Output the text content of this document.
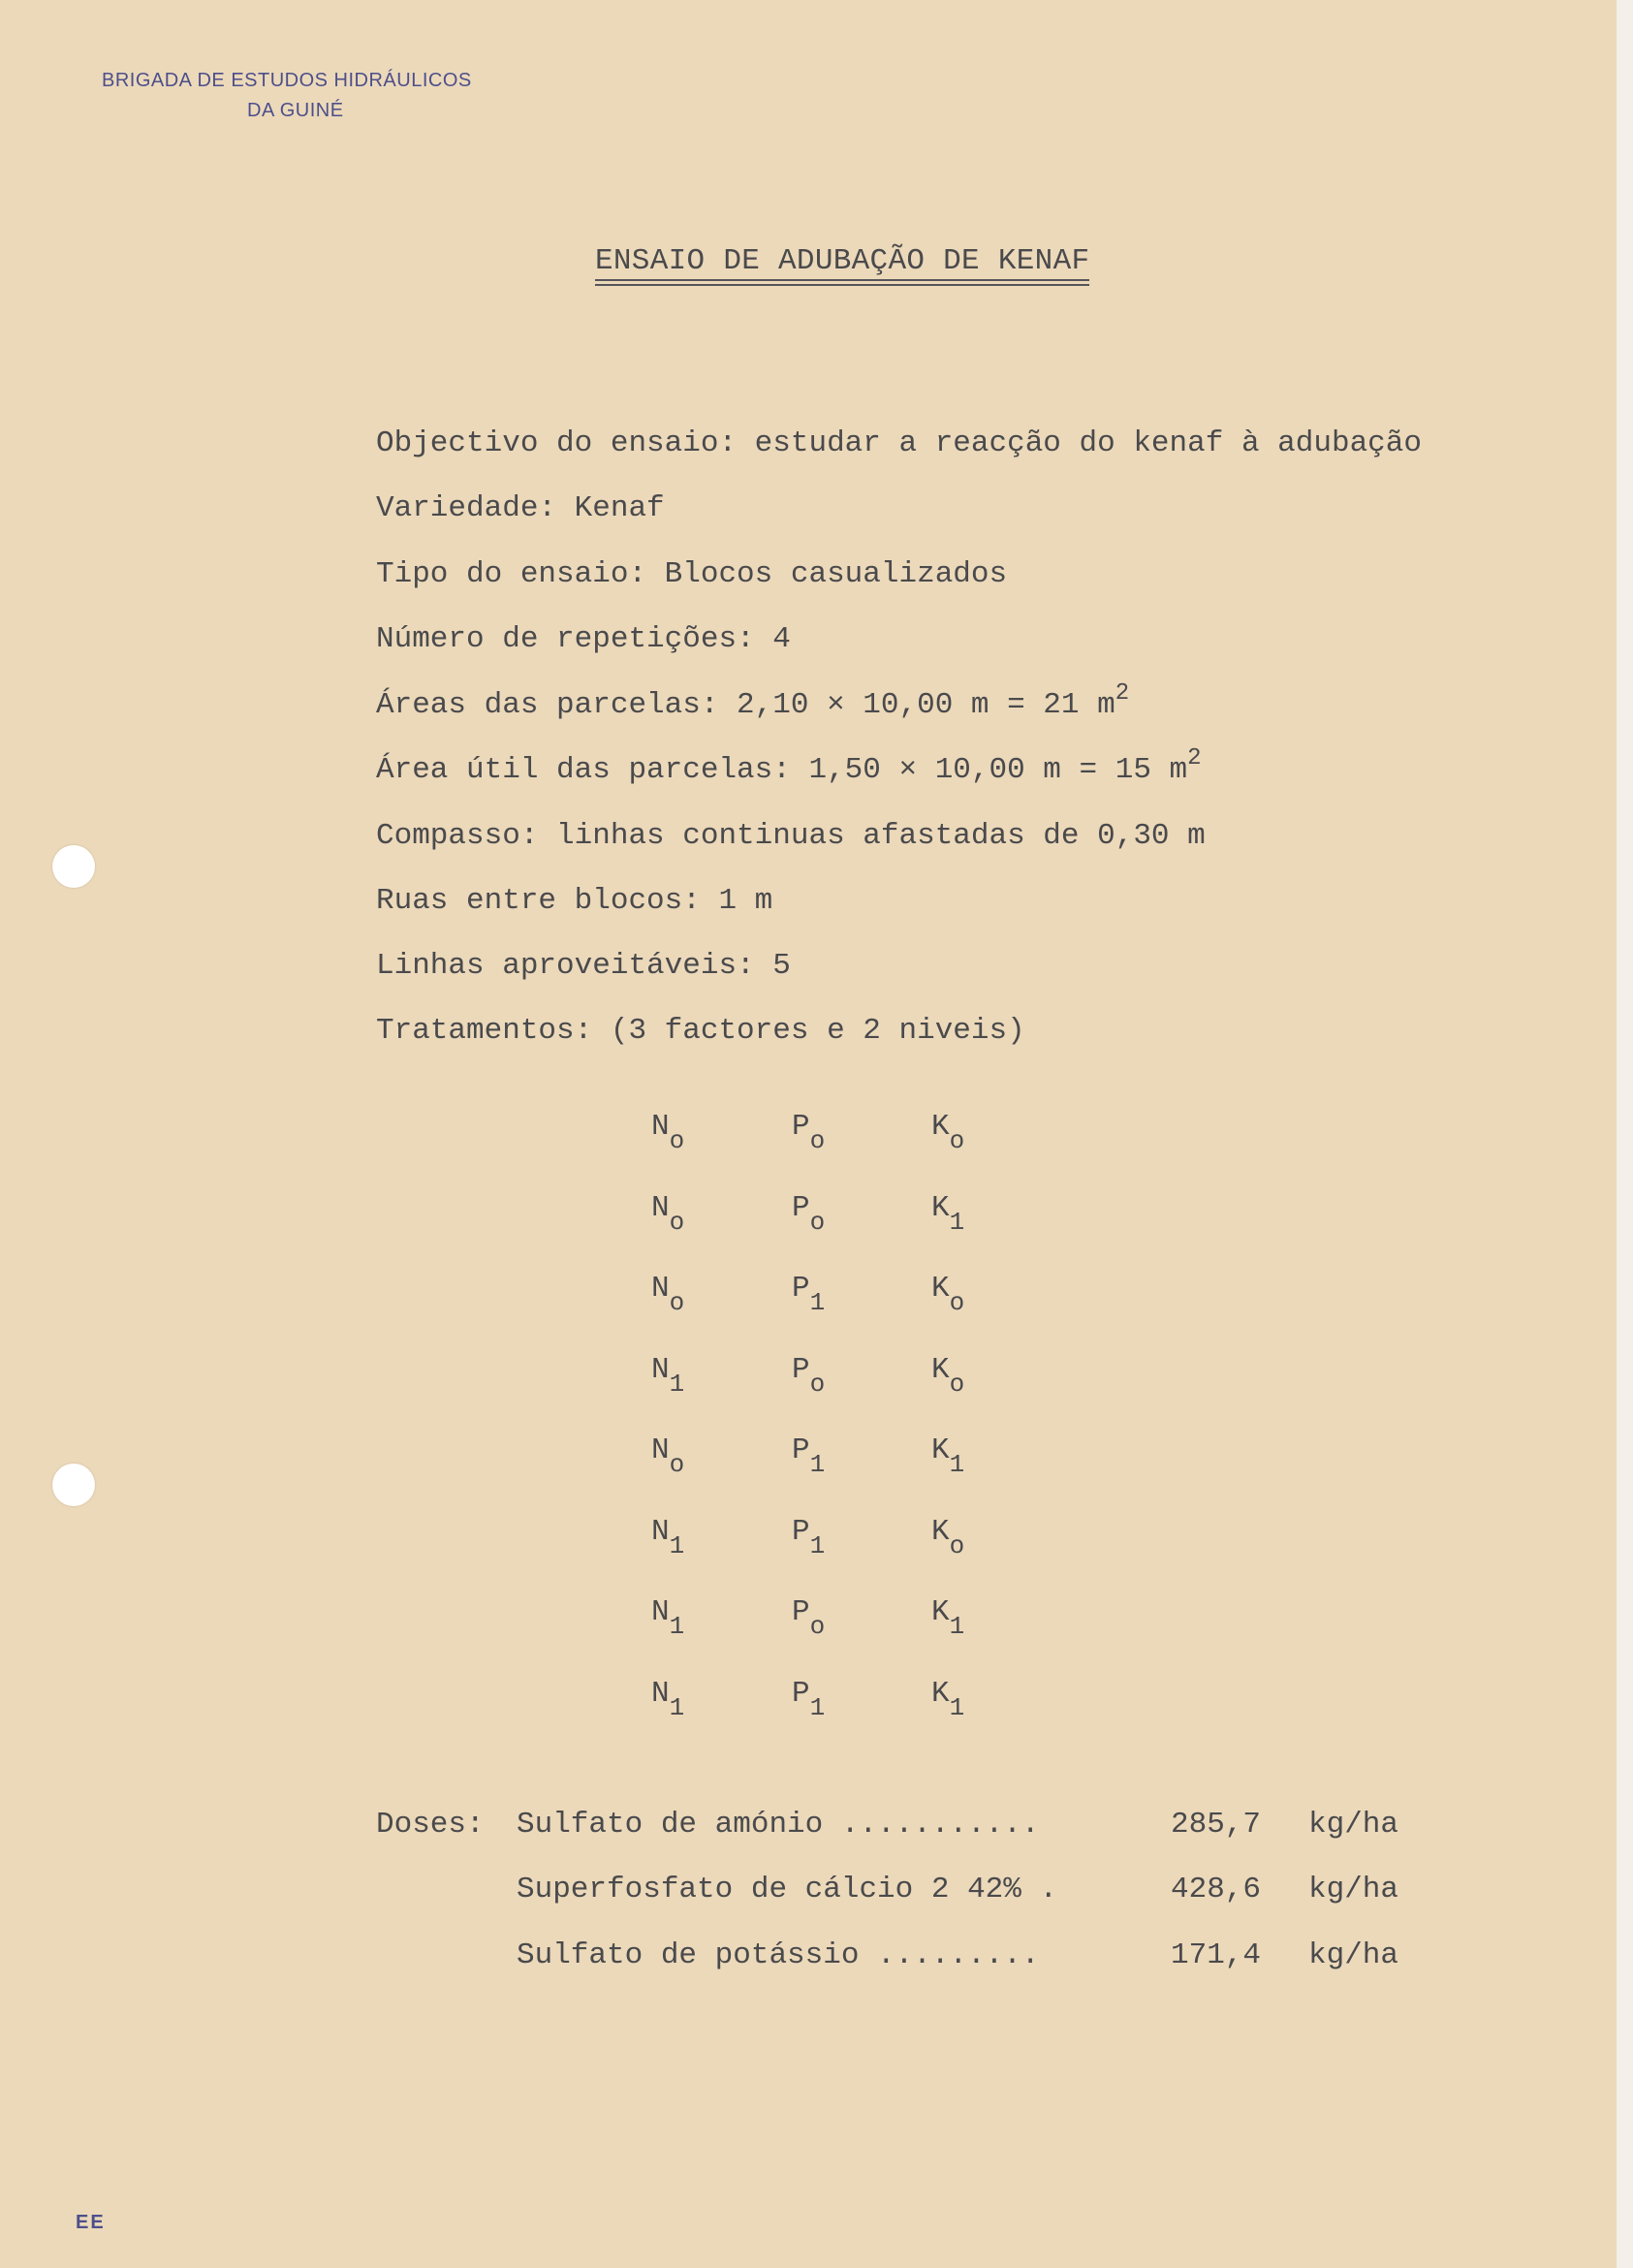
BRIGADA DE ESTUDOS HIDRÁULICOS
DA GUINÉ
ENSAIO DE ADUBAÇÃO DE KENAF
Objectivo do ensaio: estudar a reacção do kenaf à adubação
Variedade: Kenaf
Tipo do ensaio: Blocos casualizados
Número de repetições: 4
Áreas das parcelas: 2,10 × 10,00 m = 21 $m^2$
Área útil das parcelas: 1,50 × 10,00 m = 15 $m^2$
Compasso: linhas continuas afastadas de 0,30 m
Ruas entre blocos: 1 m
Linhas aproveitáveis: 5
Tratamentos: (3 factores e 2 niveis)
$N_o$	$P_o$	$K_o$
$N_o$	$P_o$	$K_1$
$N_o$	$P_1$	$K_o$
$N_1$	$P_o$	$K_o$
$N_o$	$P_1$	$K_1$
$N_1$	$P_1$	$K_o$
$N_1$	$P_o$	$K_1$
$N_1$	$P_1$	$K_1$
Doses: Sulfato de amónio ...........	285,7 kg/ha
Superfosfato de cálcio 2 42% .	428,6 kg/ha
Sulfato de potássio .........	171,4 kg/ha
EE
